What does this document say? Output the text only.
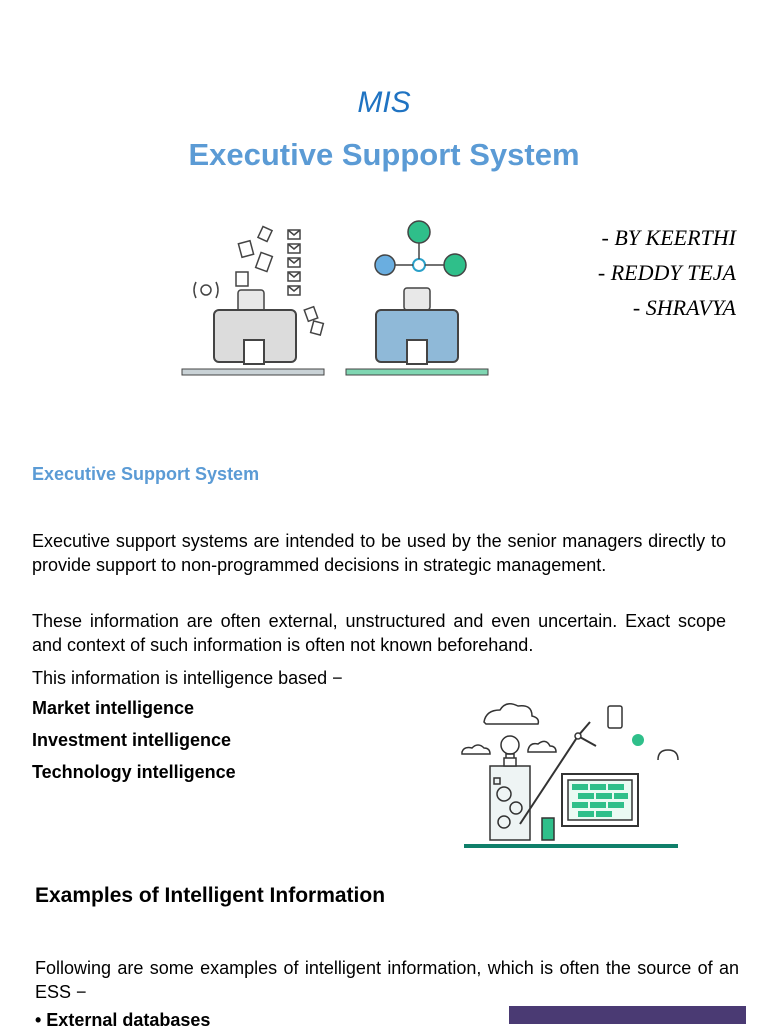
MIS
Executive Support System
- BY KEERTHI
- REDDY TEJA
- SHRAVYA
Executive Support System
Executive support systems are intended to be used by the senior managers directly to provide support to non-programmed decisions in strategic management.
These information are often external, unstructured and even uncertain. Exact scope and context of such information is often not known beforehand.
This information is intelligence based −
Market intelligence
Investment intelligence
Technology intelligence
Examples of Intelligent Information
Following are some examples of intelligent information, which is often the source of an ESS −
• External databases
